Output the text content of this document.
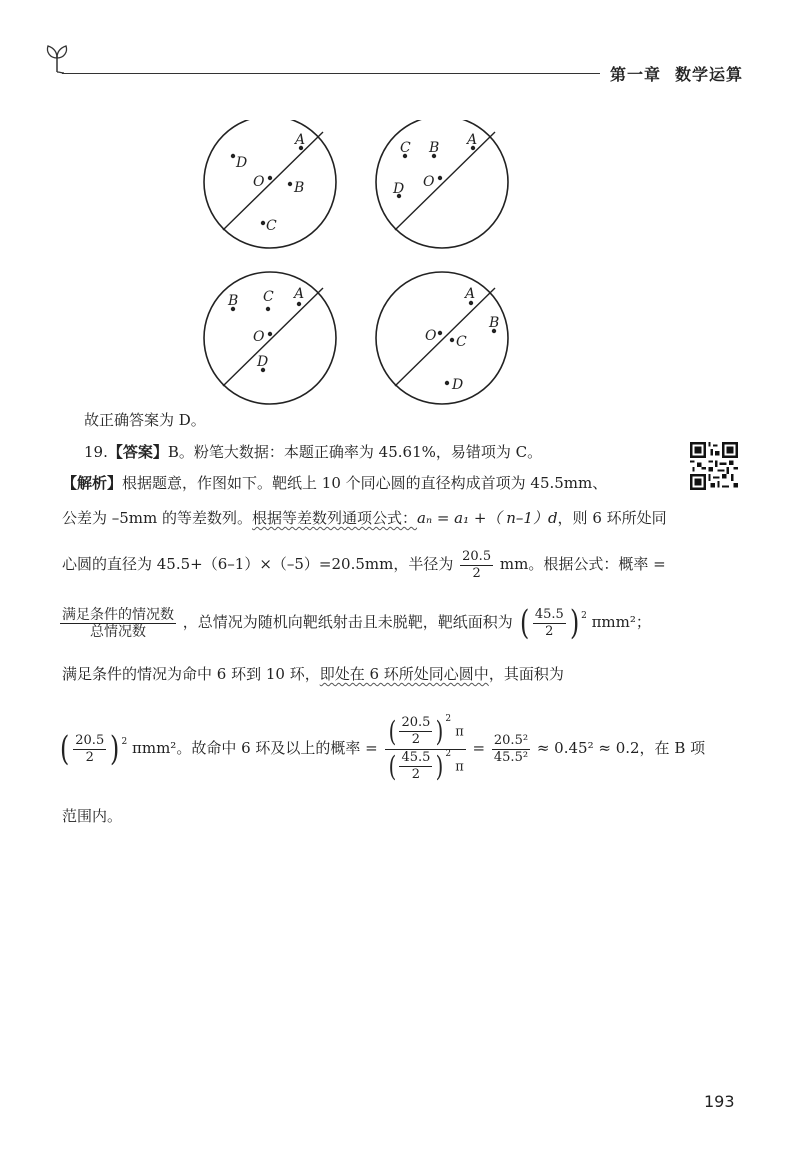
第一章 数学运算
A
D
O B
C
A
C B
O
D
A
B C
O
D
A
B
O C
D
故正确答案为 D。
19.【答案】B。粉笔大数据：本题正确率为 45.61%，易错项为 C。
【解析】根据题意，作图如下。靶纸上 10 个同心圆的直径构成首项为 45.5mm、
公差为 –5mm 的等差数列。根据等差数列通项公式：aₙ = a₁ +（ n–1）d，则 6 环所处同
心圆的直径为 45.5+（6–1）×（–5）=20.5mm，半径为 $\frac{20.5}{2}$ mm。根据公式：概率 =
$\frac{\text{满足条件的情况数}}{\text{总情况数}}$ ，总情况为随机向靶纸射击且未脱靶，靶纸面积为 ( $\frac{45.5}{2}$ ) $^2$ πmm²；
满足条件的情况为命中 6 环到 10 环，即处在 6 环所处同心圆中，其面积为
( $\frac{20.5}{2}$ ) $^2$ πmm²。故命中 6 环及以上的概率 = $\frac{( \frac{20.5}{2} ) ^2 \pi}{( \frac{45.5}{2} ) ^2 \pi} = \frac{\text{20.5²}}{\text{45.5²}} \approx 0.45^2 \approx 0.2$，在 B 项
范围内。
193
